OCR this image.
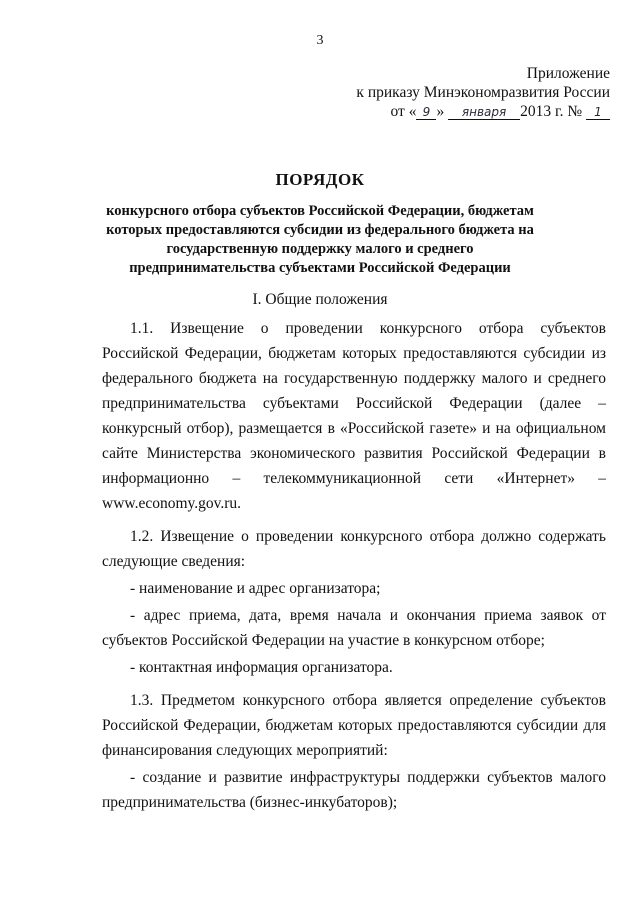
3
Приложение
к приказу Минэкономразвития России
от « 9 » января 2013 г. № 1
ПОРЯДОК
конкурсного отбора субъектов Российской Федерации, бюджетам которых предоставляются субсидии из федерального бюджета на государственную поддержку малого и среднего предпринимательства субъектами Российской Федерации
I. Общие положения

1.1. Извещение о проведении конкурсного отбора субъектов Российской Федерации, бюджетам которых предоставляются субсидии из федерального бюджета на государственную поддержку малого и среднего предпринимательства субъектами Российской Федерации (далее – конкурсный отбор), размещается в «Российской газете» и на официальном сайте Министерства экономического развития Российской Федерации в информационно – телекоммуникационной сети «Интернет» – www.economy.gov.ru.

1.2. Извещение о проведении конкурсного отбора должно содержать следующие сведения:

- наименование и адрес организатора;

- адрес приема, дата, время начала и окончания приема заявок от субъектов Российской Федерации на участие в конкурсном отборе;

- контактная информация организатора.

1.3. Предметом конкурсного отбора является определение субъектов Российской Федерации, бюджетам которых предоставляются субсидии для финансирования следующих мероприятий:

- создание и развитие инфраструктуры поддержки субъектов малого предпринимательства (бизнес-инкубаторов);
